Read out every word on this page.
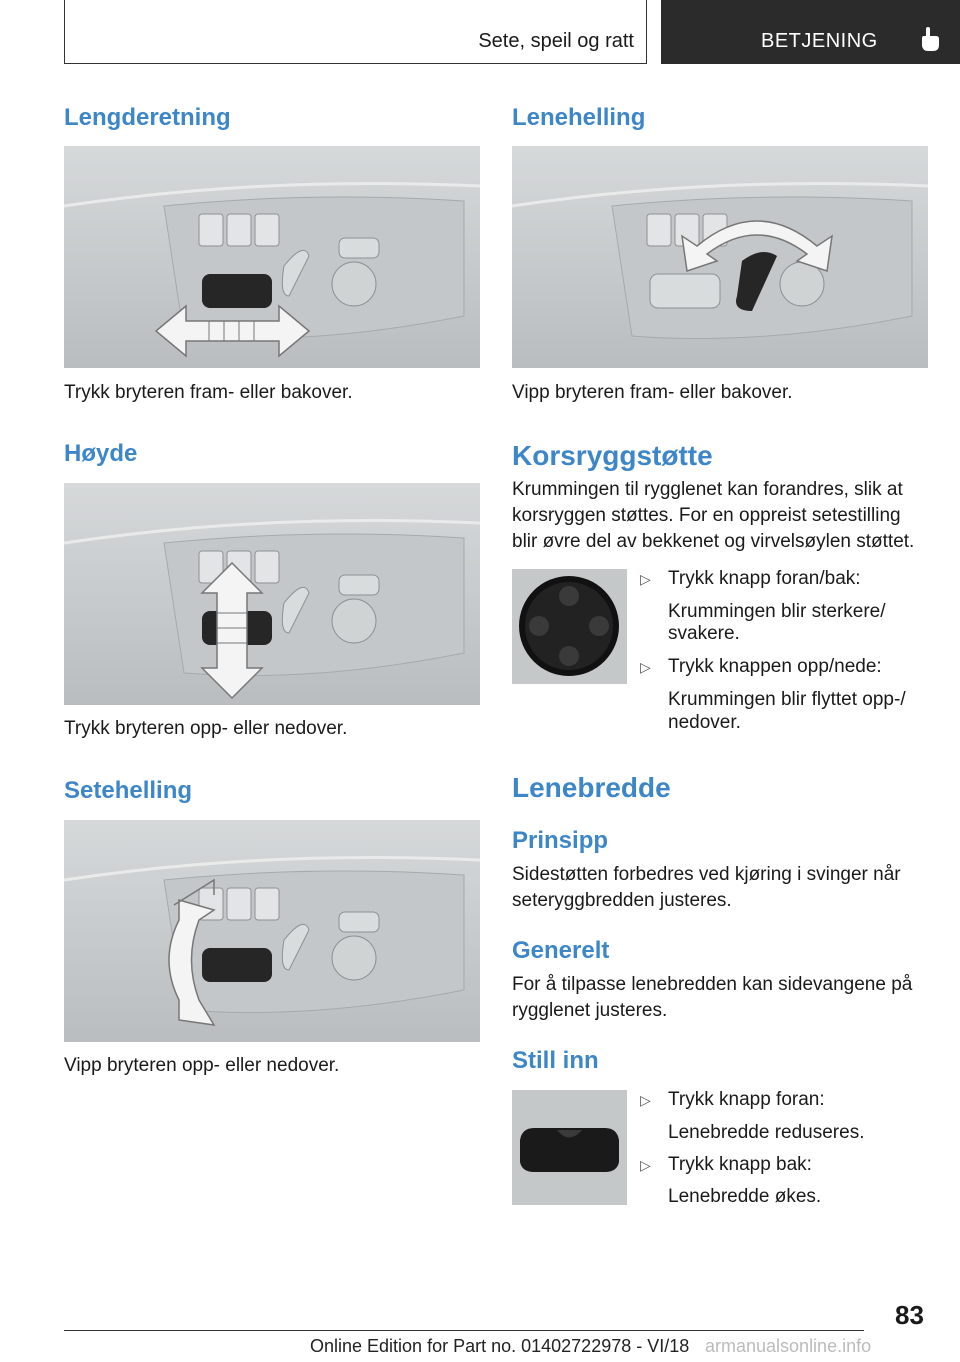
Sete, speil og ratt	BETJENING
Lengderetning
Trykk bryteren fram- eller bakover.
Høyde
Trykk bryteren opp- eller nedover.
Setehelling
Vipp bryteren opp- eller nedover.
Lenehelling
Vipp bryteren fram- eller bakover.
Korsryggstøtte
Krummingen til rygglenet kan forandres, slik at
korsryggen støttes. For en oppreist setestilling
blir øvre del av bekkenet og virvelsøylen støttet.
▷ Trykk knapp foran/bak:
Krummingen blir sterkere/
svakere.
▷ Trykk knappen opp/nede:
Krummingen blir flyttet opp-/
nedover.
Lenebredde
Prinsipp
Sidestøtten forbedres ved kjøring i svinger når
seteryggbredden justeres.
Generelt
For å tilpasse lenebredden kan sidevangene på
rygglenet justeres.
Still inn
▷ Trykk knapp foran:
Lenebredde reduseres.
▷ Trykk knapp bak:
Lenebredde økes.
83
Online Edition for Part no. 01402722978 - VI/18 armanualsonline.info
